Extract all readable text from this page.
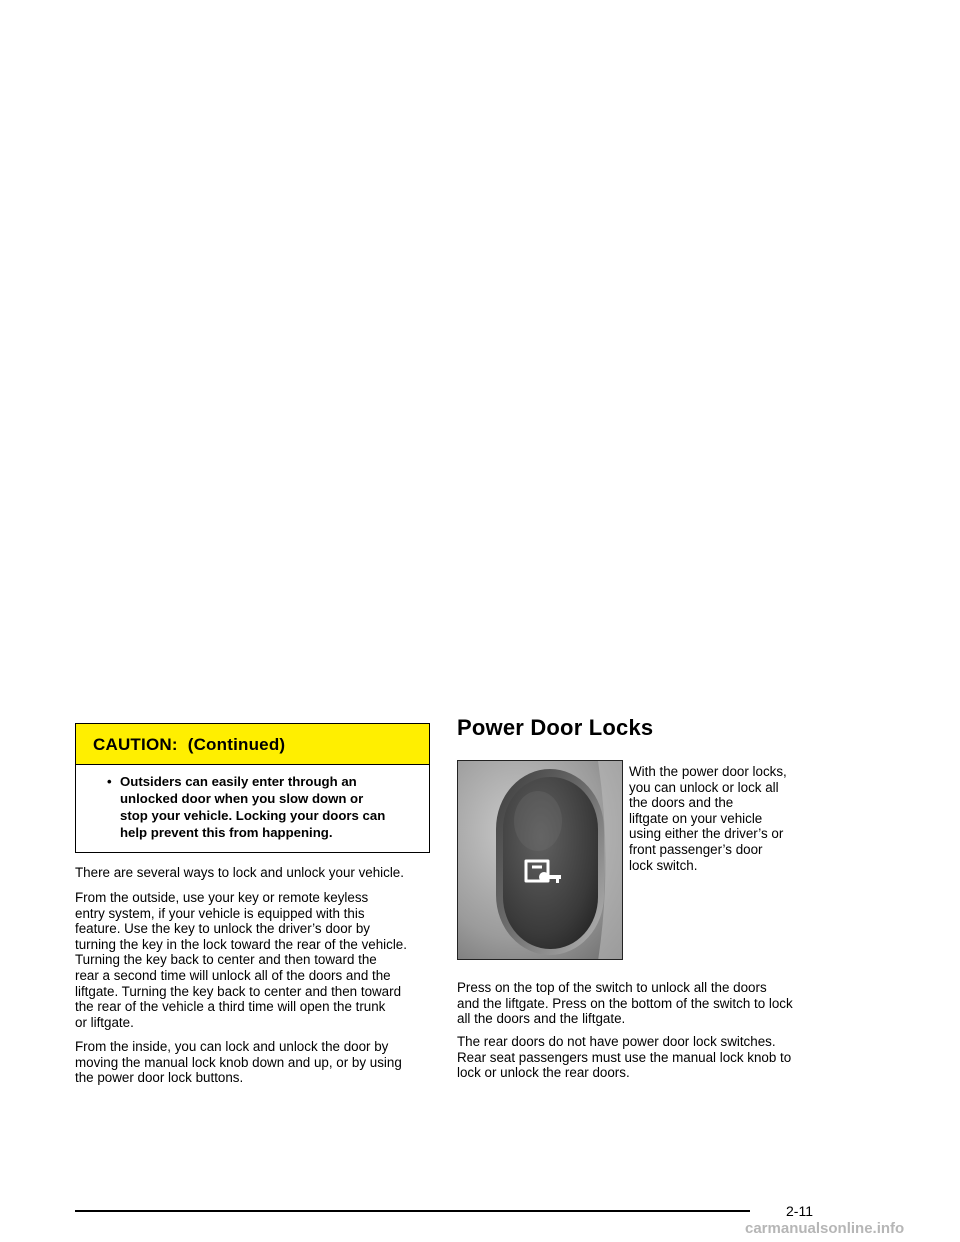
CAUTION: (Continued)
• Outsiders can easily enter through an
unlocked door when you slow down or
stop your vehicle. Locking your doors can
help prevent this from happening.
There are several ways to lock and unlock your vehicle.
From the outside, use your key or remote keyless
entry system, if your vehicle is equipped with this
feature. Use the key to unlock the driver’s door by
turning the key in the lock toward the rear of the vehicle.
Turning the key back to center and then toward the
rear a second time will unlock all of the doors and the
liftgate. Turning the key back to center and then toward
the rear of the vehicle a third time will open the trunk
or liftgate.
From the inside, you can lock and unlock the door by
moving the manual lock knob down and up, or by using
the power door lock buttons.
Power Door Locks
With the power door locks,
you can unlock or lock all
the doors and the
liftgate on your vehicle
using either the driver’s or
front passenger’s door
lock switch.
Press on the top of the switch to unlock all the doors
and the liftgate. Press on the bottom of the switch to lock
all the doors and the liftgate.
The rear doors do not have power door lock switches.
Rear seat passengers must use the manual lock knob to
lock or unlock the rear doors.
2-11
carmanualsonline.info
